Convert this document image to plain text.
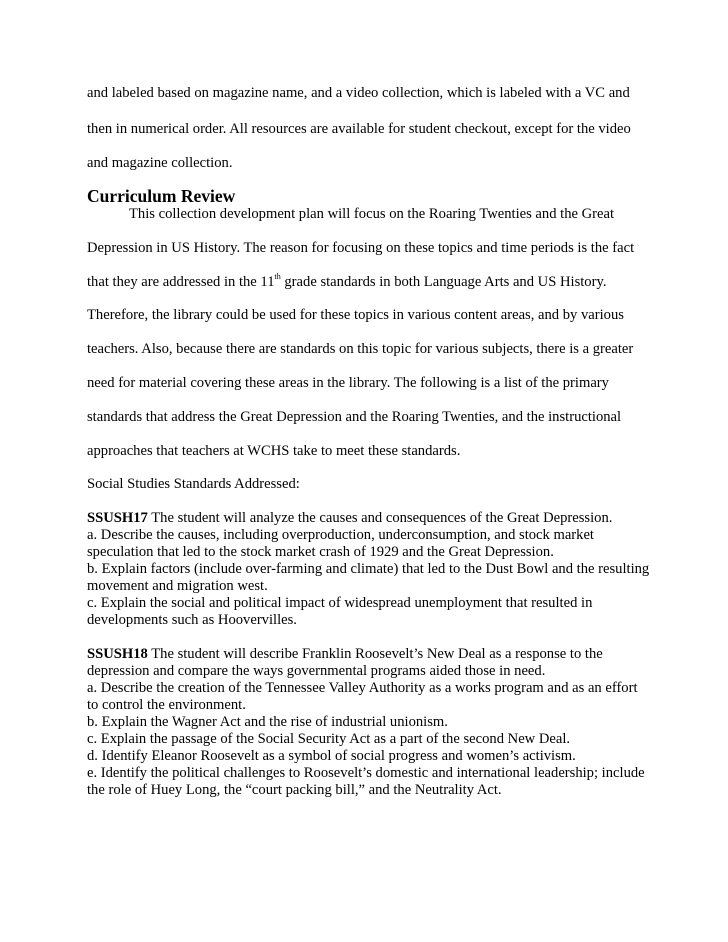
and labeled based on magazine name, and a video collection, which is labeled with a VC and

then in numerical order. All resources are available for student checkout, except for the video

and magazine collection.

Curriculum Review

This collection development plan will focus on the Roaring Twenties and the Great

Depression in US History. The reason for focusing on these topics and time periods is the fact

that they are addressed in the 11th grade standards in both Language Arts and US History.

Therefore, the library could be used for these topics in various content areas, and by various

teachers. Also, because there are standards on this topic for various subjects, there is a greater

need for material covering these areas in the library. The following is a list of the primary

standards that address the Great Depression and the Roaring Twenties, and the instructional

approaches that teachers at WCHS take to meet these standards.

Social Studies Standards Addressed:

SSUSH17 The student will analyze the causes and consequences of the Great Depression.

a. Describe the causes, including overproduction, underconsumption, and stock market

speculation that led to the stock market crash of 1929 and the Great Depression.

b. Explain factors (include over-farming and climate) that led to the Dust Bowl and the resulting

movement and migration west.

c. Explain the social and political impact of widespread unemployment that resulted in

developments such as Hoovervilles.

SSUSH18 The student will describe Franklin Roosevelt’s New Deal as a response to the

depression and compare the ways governmental programs aided those in need.

a. Describe the creation of the Tennessee Valley Authority as a works program and as an effort

to control the environment.

b. Explain the Wagner Act and the rise of industrial unionism.

c. Explain the passage of the Social Security Act as a part of the second New Deal.

d. Identify Eleanor Roosevelt as a symbol of social progress and women’s activism.

e. Identify the political challenges to Roosevelt’s domestic and international leadership; include

the role of Huey Long, the “court packing bill,” and the Neutrality Act.
